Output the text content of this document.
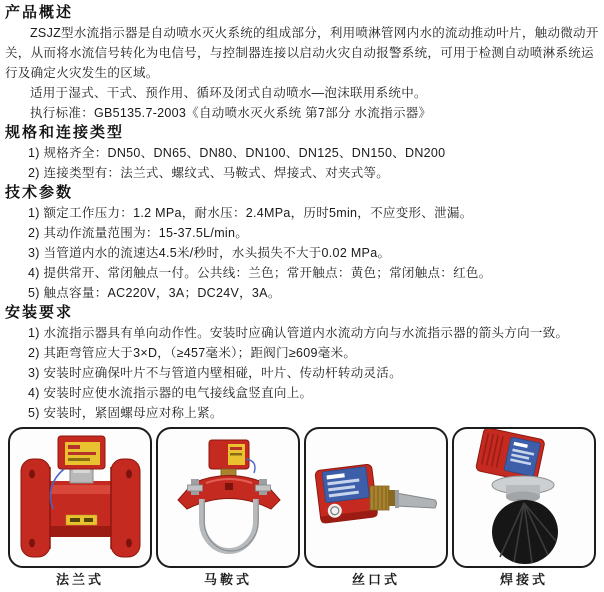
产品概述

ZSJZ型水流指示器是自动喷水灭火系统的组成部分，利用喷淋管网内水的流动推动叶片，触动微动开关，从而将水流信号转化为电信号，与控制器连接以启动火灾自动报警系统，可用于检测自动喷淋系统运行及确定火灾发生的区域。

适用于湿式、干式、预作用、循环及闭式自动喷水—泡沫联用系统中。

执行标准：GB5135.7-2003《自动喷水灭火系统 第7部分 水流指示器》

规格和连接类型

1) 规格齐全：DN50、DN65、DN80、DN100、DN125、DN150、DN200

2) 连接类型有：法兰式、螺纹式、马鞍式、焊接式、对夹式等。

技术参数

1) 额定工作压力：1.2 MPa，耐水压：2.4MPa，历时5min，不应变形、泄漏。

2) 其动作流量范围为：15-37.5L/min。

3) 当管道内水的流速达4.5米/秒时，水头损失不大于0.02 MPa。

4) 提供常开、常闭触点一付。公共线：兰色；常开触点：黄色；常闭触点：红色。

5) 触点容量：AC220V，3A；DC24V，3A。

安装要求

1) 水流指示器具有单向动作性。安装时应确认管道内水流动方向与水流指示器的箭头方向一致。

2) 其距弯管应大于3×D，（≥457毫米）；距阀门≥609毫米。

3) 安装时应确保叶片不与管道内壁相碰，叶片、传动杆转动灵活。

4) 安装时应使水流指示器的电气接线盒竖直向上。

5) 安装时，紧固螺母应对称上紧。

法兰式	马鞍式	丝口式	焊接式
